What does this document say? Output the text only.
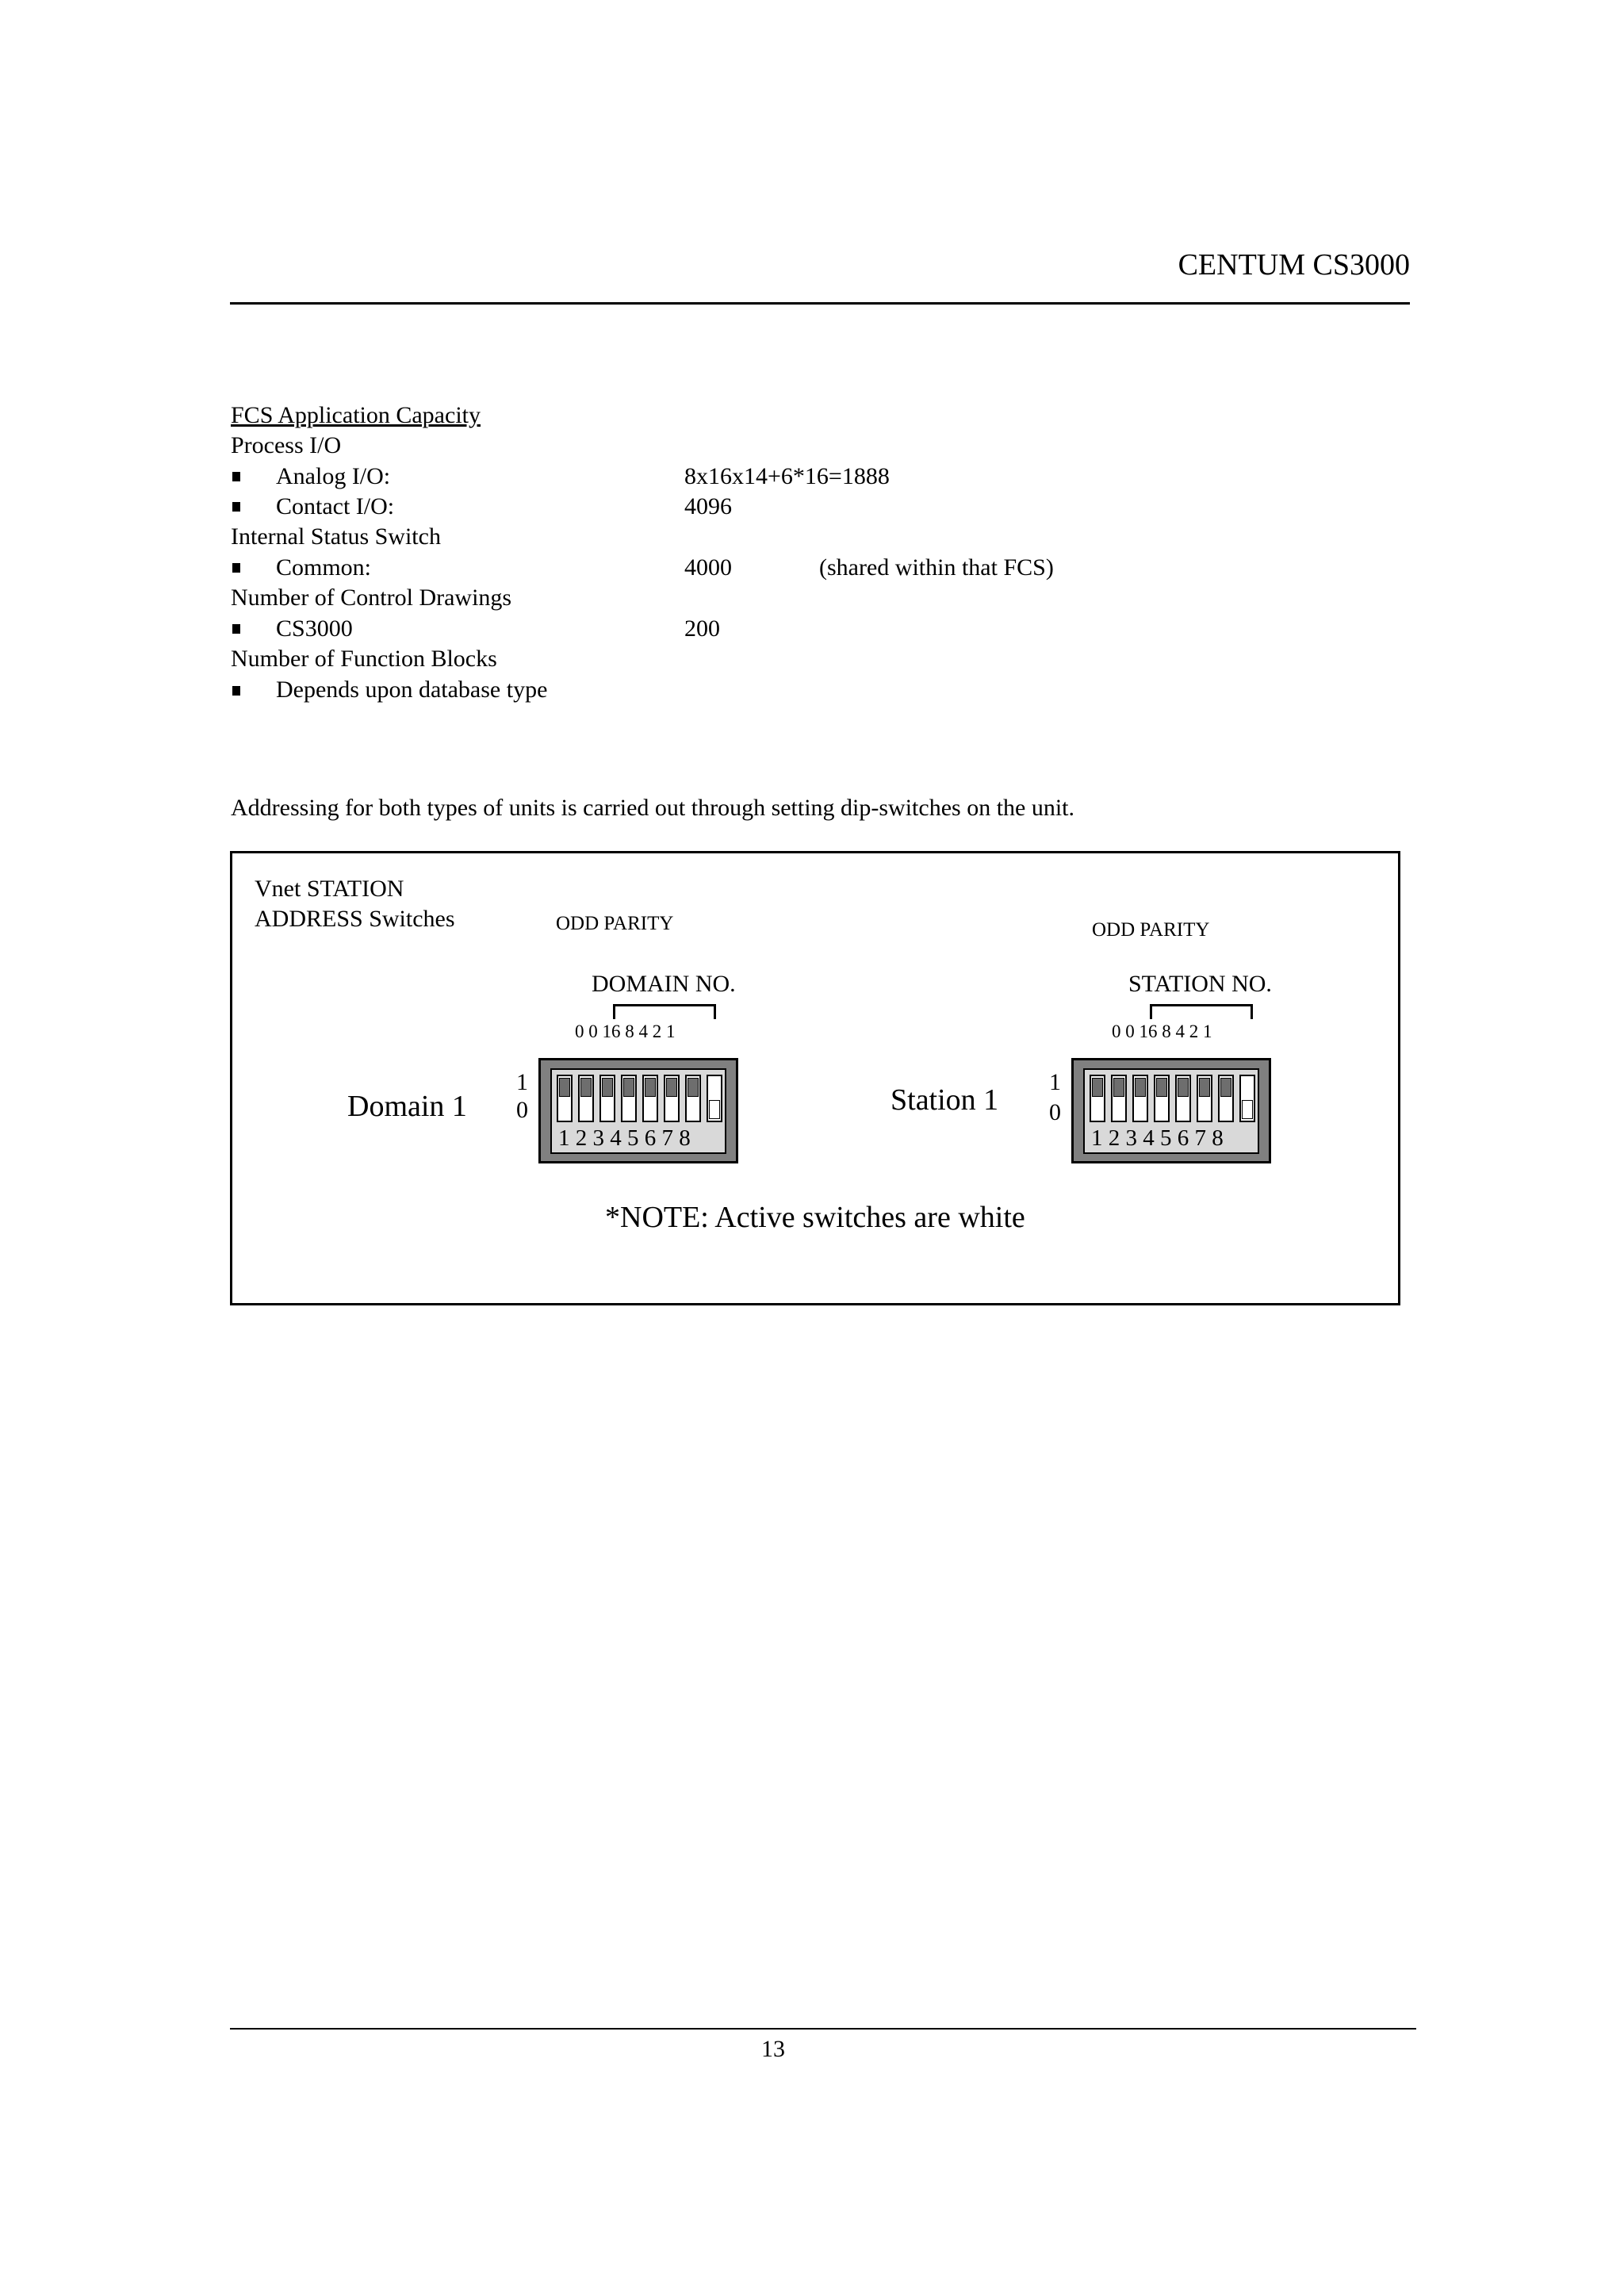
CENTUM CS3000
FCS Application Capacity
Process I/O
Analog I/O:	8x16x14+6*16=1888
Contact I/O:	4096
Internal Status Switch
Common:	4000	(shared within that FCS)
Number of Control Drawings
CS3000	200
Number of Function Blocks
Depends upon database type
Addressing for both types of units is carried out through setting dip-switches on the unit.
Vnet STATION
ADDRESS Switches	ODD PARITY
DOMAIN NO.
0 0 16 8 4 2 1
1
0
Domain 1
1 2 3 4 5 6 7 8
ODD PARITY
STATION NO.
0 0 16 8 4 2 1
1
0
Station 1
1 2 3 4 5 6 7 8
*NOTE: Active switches are white
13
